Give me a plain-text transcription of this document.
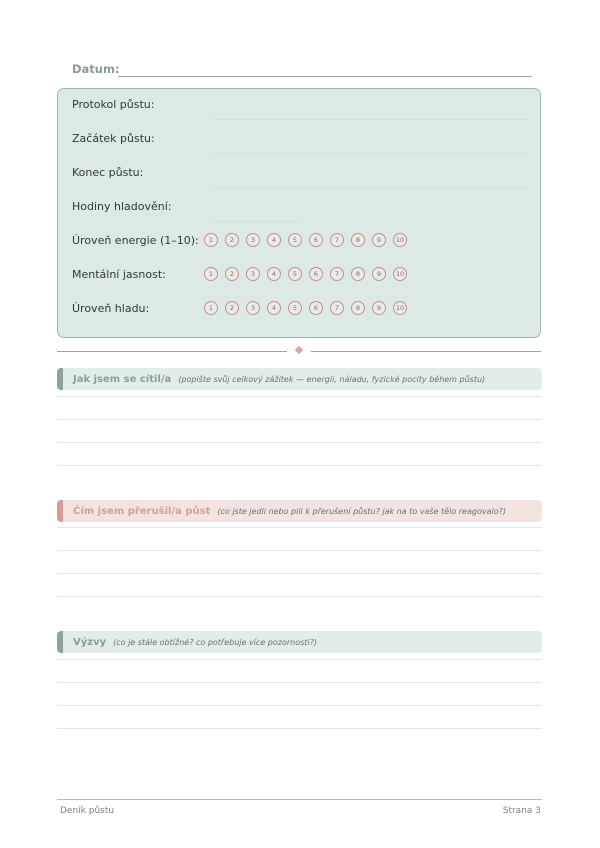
Datum:
Protokol půstu:
Začátek půstu:
Konec půstu:
Hodiny hladovění:
Úroveň energie (1–10):	1	2	3	4	5	6	7	8	9	10
Mentální jasnost:	1	2	3	4	5	6	7	8	9	10
Úroveň hladu:	1	2	3	4	5	6	7	8	9	10
Jak jsem se cítil/a (popište svůj celkový zážitek — energii, náladu, fyzické pocity během půstu)
Čím jsem přerušil/a půst (co jste jedli nebo pili k přerušení půstu? jak na to vaše tělo reagovalo?)
Výzvy (co je stále obtížné? co potřebuje více pozornosti?)
Deník půstu	Strana 3
